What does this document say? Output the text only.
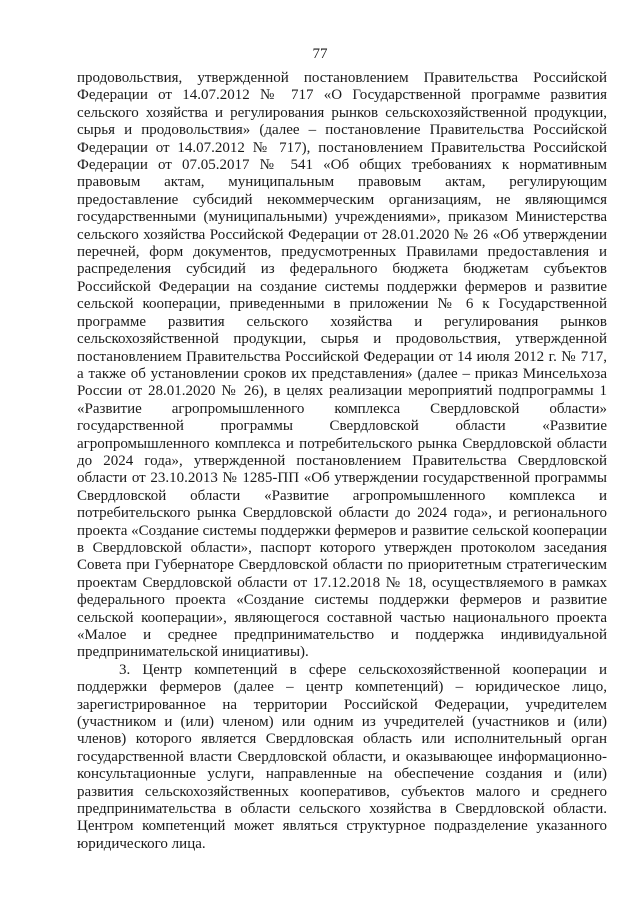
77

продовольствия, утвержденной постановлением Правительства Российской Федерации от 14.07.2012 № 717 «О Государственной программе развития сельского хозяйства и регулирования рынков сельскохозяйственной продукции, сырья и продовольствия» (далее – постановление Правительства Российской Федерации от 14.07.2012 № 717), постановлением Правительства Российской Федерации от 07.05.2017 № 541 «Об общих требованиях к нормативным правовым актам, муниципальным правовым актам, регулирующим предоставление субсидий некоммерческим организациям, не являющимся государственными (муниципальными) учреждениями», приказом Министерства сельского хозяйства Российской Федерации от 28.01.2020 № 26 «Об утверждении перечней, форм документов, предусмотренных Правилами предоставления и распределения субсидий из федерального бюджета бюджетам субъектов Российской Федерации на создание системы поддержки фермеров и развитие сельской кооперации, приведенными в приложении № 6 к Государственной программе развития сельского хозяйства и регулирования рынков сельскохозяйственной продукции, сырья и продовольствия, утвержденной постановлением Правительства Российской Федерации от 14 июля 2012 г. № 717, а также об установлении сроков их представления» (далее – приказ Минсельхоза России от 28.01.2020 № 26), в целях реализации мероприятий подпрограммы 1 «Развитие агропромышленного комплекса Свердловской области» государственной программы Свердловской области «Развитие агропромышленного комплекса и потребительского рынка Свердловской области до 2024 года», утвержденной постановлением Правительства Свердловской области от 23.10.2013 № 1285-ПП «Об утверждении государственной программы Свердловской области «Развитие агропромышленного комплекса и потребительского рынка Свердловской области до 2024 года», и регионального проекта «Создание системы поддержки фермеров и развитие сельской кооперации в Свердловской области», паспорт которого утвержден протоколом заседания Совета при Губернаторе Свердловской области по приоритетным стратегическим проектам Свердловской области от 17.12.2018 № 18, осуществляемого в рамках федерального проекта «Создание системы поддержки фермеров и развитие сельской кооперации», являющегося составной частью национального проекта «Малое и среднее предпринимательство и поддержка индивидуальной предпринимательской инициативы).

3. Центр компетенций в сфере сельскохозяйственной кооперации и поддержки фермеров (далее – центр компетенций) – юридическое лицо, зарегистрированное на территории Российской Федерации, учредителем (участником и (или) членом) или одним из учредителей (участников и (или) членов) которого является Свердловская область или исполнительный орган государственной власти Свердловской области, и оказывающее информационно-консультационные услуги, направленные на обеспечение создания и (или) развития сельскохозяйственных кооперативов, субъектов малого и среднего предпринимательства в области сельского хозяйства в Свердловской области. Центром компетенций может являться структурное подразделение указанного юридического лица.
